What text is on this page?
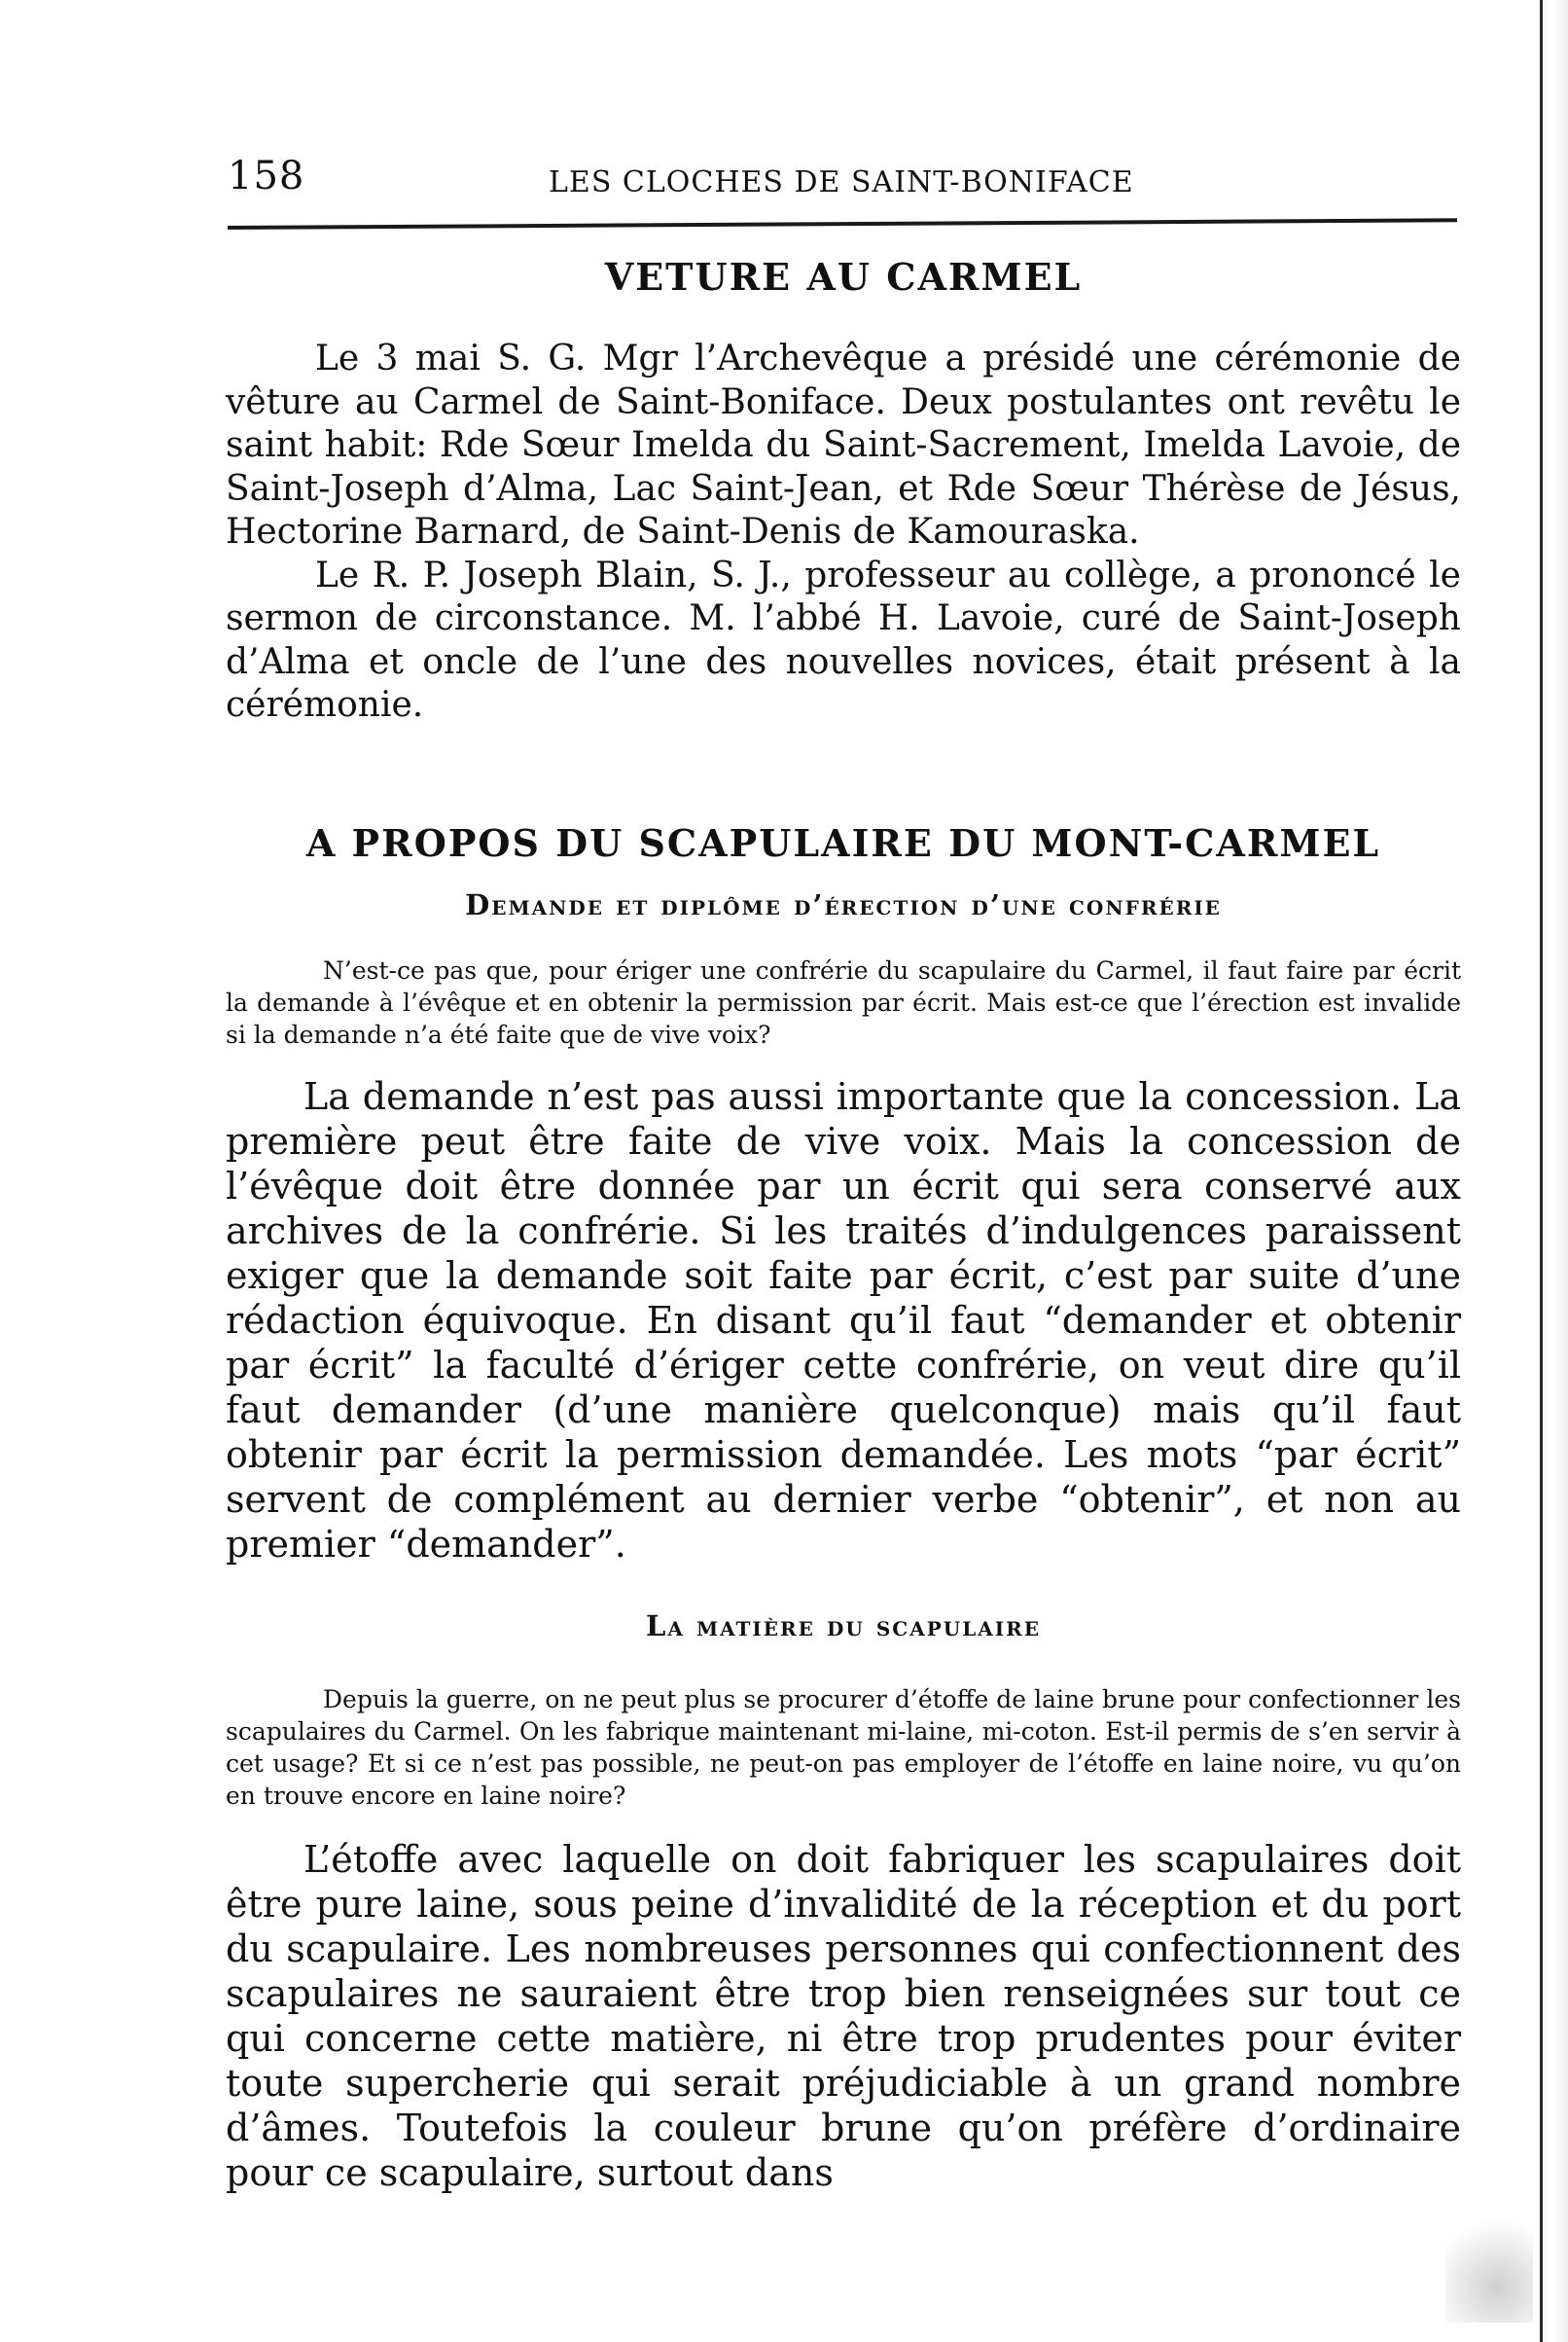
158	LES CLOCHES DE SAINT-BONIFACE
VETURE AU CARMEL

Le 3 mai S. G. Mgr l’Archevêque a présidé une cérémonie de vêture au Carmel de Saint-Boniface. Deux postulantes ont revêtu le saint habit: Rde Sœur Imelda du Saint-Sacrement, Imelda Lavoie, de Saint-Joseph d’Alma, Lac Saint-Jean, et Rde Sœur Thérèse de Jésus, Hectorine Barnard, de Saint-Denis de Kamouraska.

Le R. P. Joseph Blain, S. J., professeur au collège, a prononcé le sermon de circonstance. M. l’abbé H. Lavoie, curé de Saint-Joseph d’Alma et oncle de l’une des nouvelles novices, était présent à la cérémonie.

A PROPOS DU SCAPULAIRE DU MONT-CARMEL
Demande et diplôme d’érection d’une confrérie

N’est-ce pas que, pour ériger une confrérie du scapulaire du Carmel, il faut faire par écrit la demande à l’évêque et en obtenir la permission par écrit. Mais est-ce que l’érection est invalide si la demande n’a été faite que de vive voix?

La demande n’est pas aussi importante que la concession. La première peut être faite de vive voix. Mais la concession de l’évêque doit être donnée par un écrit qui sera conservé aux archives de la confrérie. Si les traités d’indulgences paraissent exiger que la demande soit faite par écrit, c’est par suite d’une rédaction équivoque. En disant qu’il faut “demander et obtenir par écrit” la faculté d’ériger cette confrérie, on veut dire qu’il faut demander (d’une manière quelconque) mais qu’il faut obtenir par écrit la permission demandée. Les mots “par écrit” servent de complément au dernier verbe “obtenir”, et non au premier “demander”.

La matière du scapulaire

Depuis la guerre, on ne peut plus se procurer d’étoffe de laine brune pour confectionner les scapulaires du Carmel. On les fabrique maintenant mi-laine, mi-coton. Est-il permis de s’en servir à cet usage? Et si ce n’est pas possible, ne peut-on pas employer de l’étoffe en laine noire, vu qu’on en trouve encore en laine noire?

L’étoffe avec laquelle on doit fabriquer les scapulaires doit être pure laine, sous peine d’invalidité de la réception et du port du scapulaire. Les nombreuses personnes qui confectionnent des scapulaires ne sauraient être trop bien renseignées sur tout ce qui concerne cette matière, ni être trop prudentes pour éviter toute supercherie qui serait préjudiciable à un grand nombre d’âmes. Toutefois la couleur brune qu’on préfère d’ordinaire pour ce scapulaire, surtout dans
